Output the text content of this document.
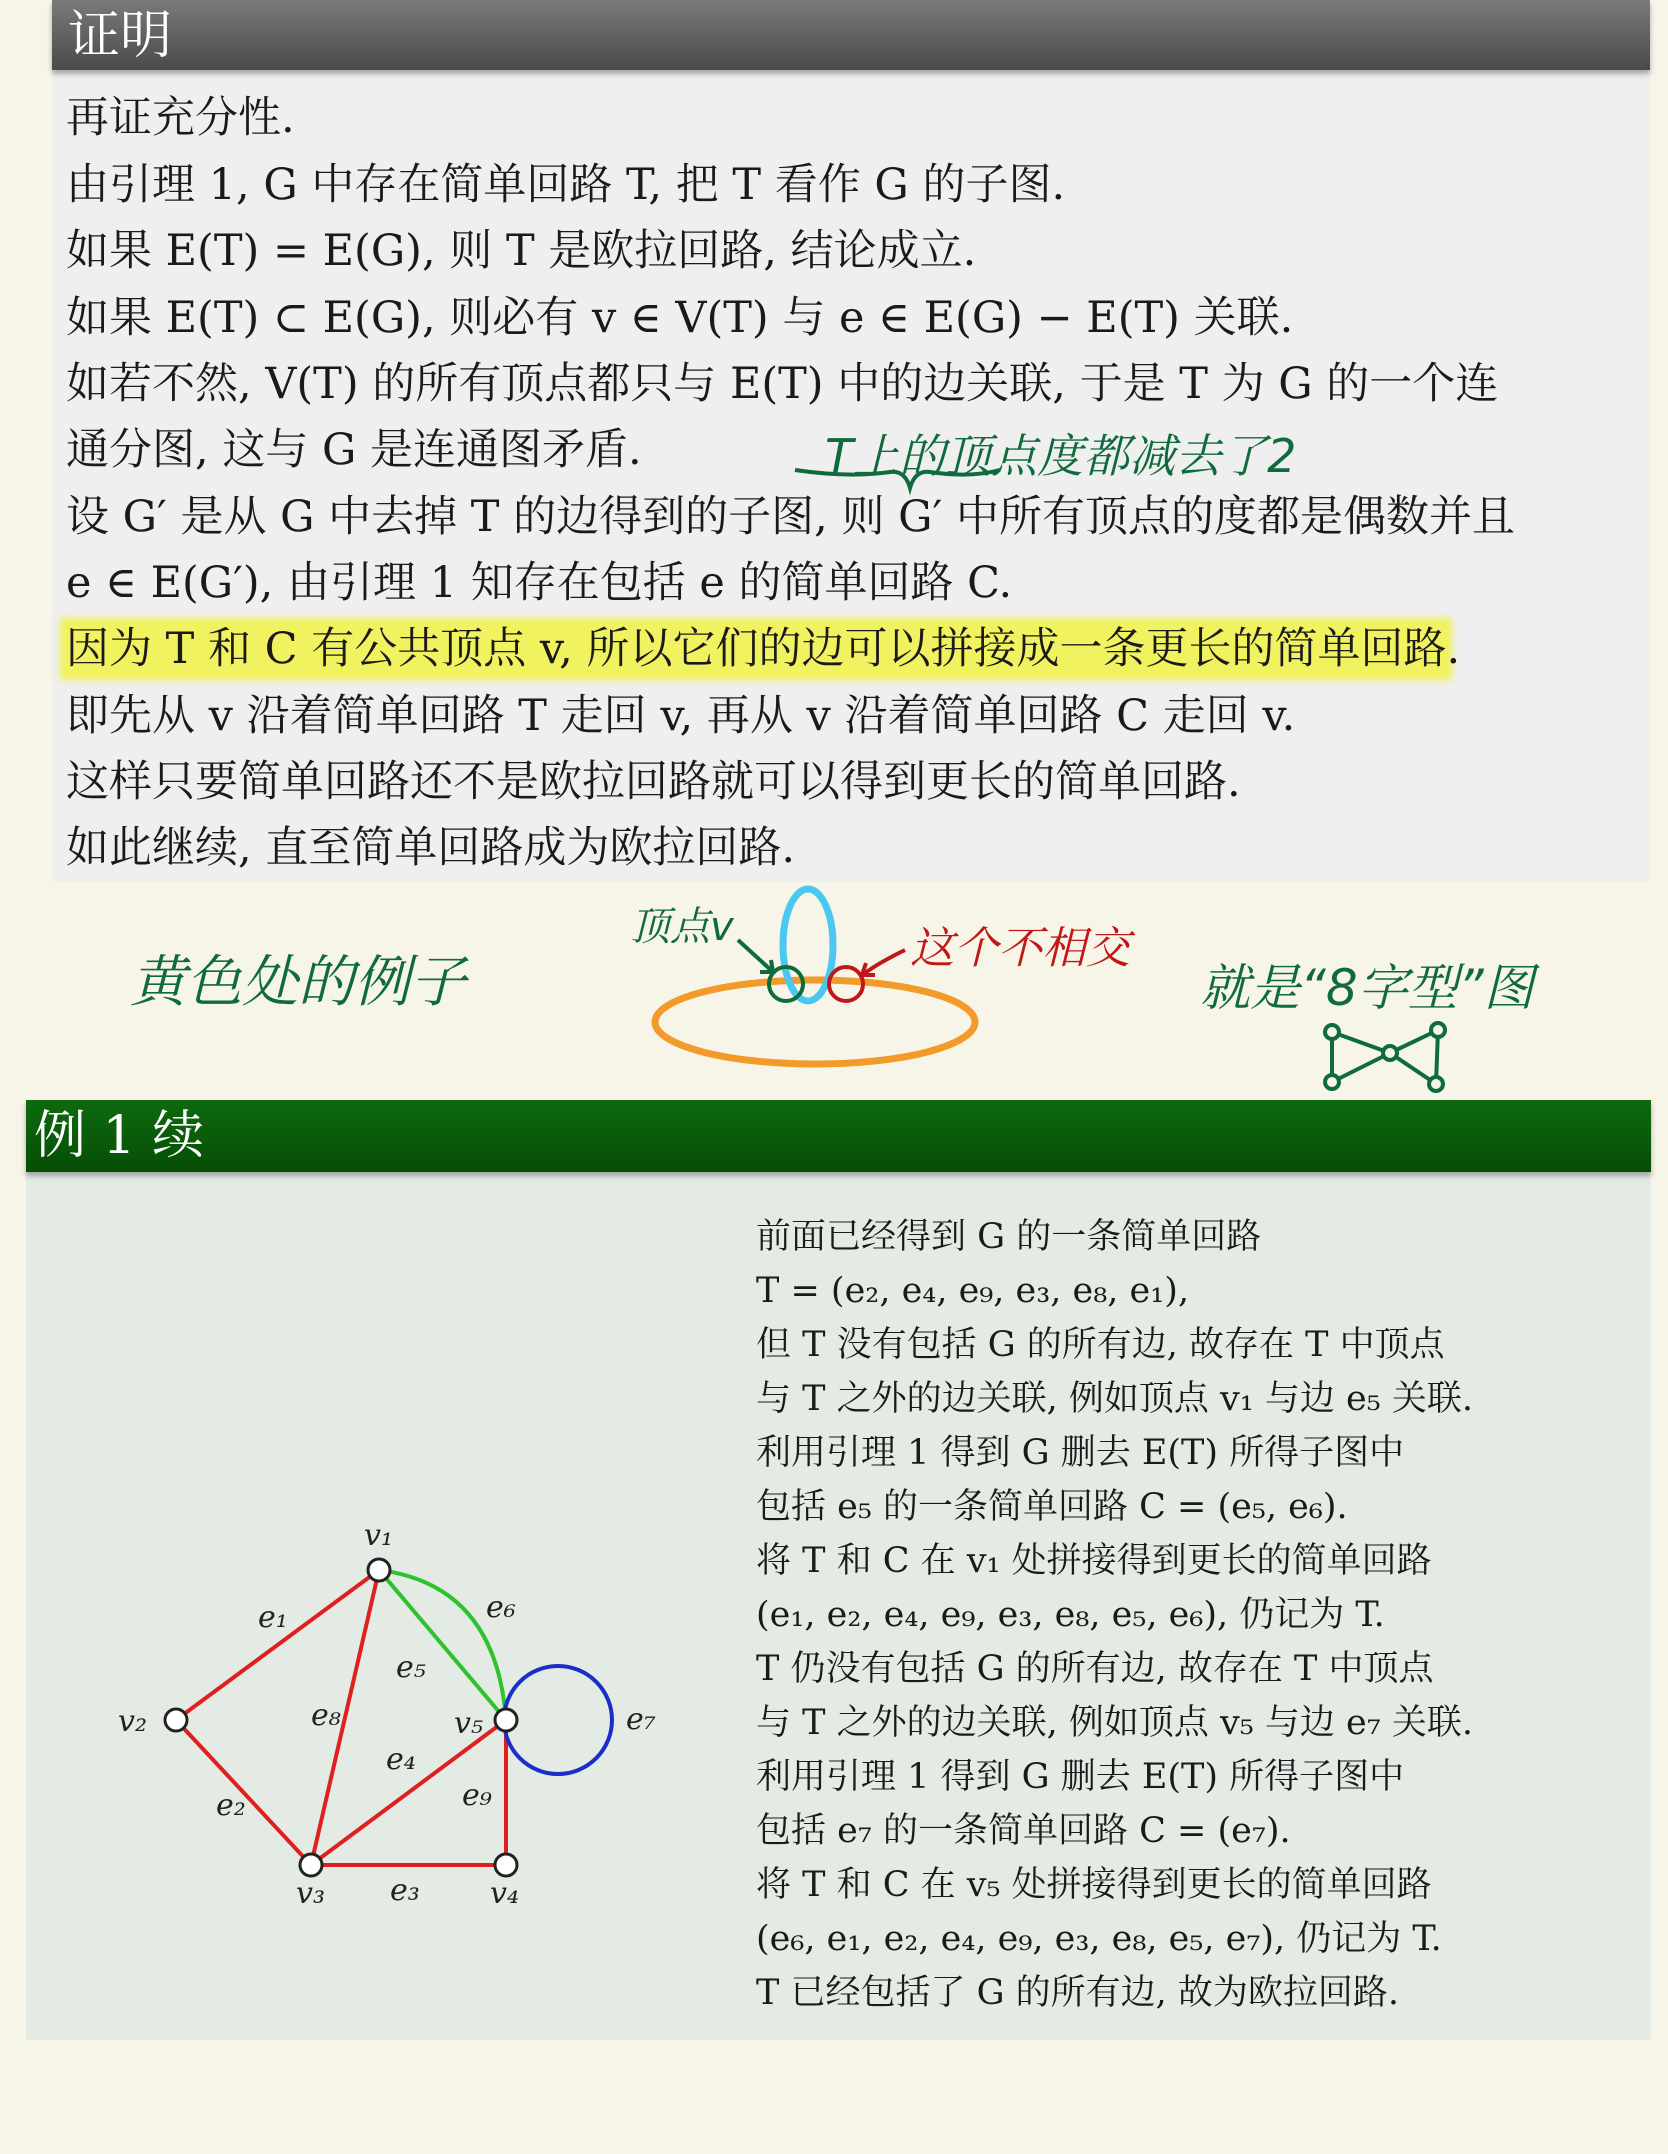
证明
再证充分性.
由引理 1, G 中存在简单回路 T, 把 T 看作 G 的子图.
如果 E(T) = E(G), 则 T 是欧拉回路, 结论成立.
如果 E(T) ⊂ E(G), 则必有 v ∈ V(T) 与 e ∈ E(G) − E(T) 关联.
如若不然, V(T) 的所有顶点都只与 E(T) 中的边关联, 于是 T 为 G 的一个连
通分图, 这与 G 是连通图矛盾.
设 G′ 是从 G 中去掉 T 的边得到的子图, 则 G′ 中所有顶点的度都是偶数并且
e ∈ E(G′), 由引理 1 知存在包括 e 的简单回路 C.
因为 T 和 C 有公共顶点 v, 所以它们的边可以拼接成一条更长的简单回路.
即先从 v 沿着简单回路 T 走回 v, 再从 v 沿着简单回路 C 走回 v.
这样只要简单回路还不是欧拉回路就可以得到更长的简单回路.
如此继续, 直至简单回路成为欧拉回路.
T上的顶点度都减去了2
黄色处的例子
顶点v	这个不相交
就是“8字型”图
例 1 续
v₁
v₂
v₃	v₄
v₅
e₁
e₂
e₃
e₄
e₅
e₆
e₇
e₈
e₉
前面已经得到 G 的一条简单回路
T = (e₂, e₄, e₉, e₃, e₈, e₁),
但 T 没有包括 G 的所有边, 故存在 T 中顶点
与 T 之外的边关联, 例如顶点 v₁ 与边 e₅ 关联.
利用引理 1 得到 G 删去 E(T) 所得子图中
包括 e₅ 的一条简单回路 C = (e₅, e₆).
将 T 和 C 在 v₁ 处拼接得到更长的简单回路
(e₁, e₂, e₄, e₉, e₃, e₈, e₅, e₆), 仍记为 T.
T 仍没有包括 G 的所有边, 故存在 T 中顶点
与 T 之外的边关联, 例如顶点 v₅ 与边 e₇ 关联.
利用引理 1 得到 G 删去 E(T) 所得子图中
包括 e₇ 的一条简单回路 C = (e₇).
将 T 和 C 在 v₅ 处拼接得到更长的简单回路
(e₆, e₁, e₂, e₄, e₉, e₃, e₈, e₅, e₇), 仍记为 T.
T 已经包括了 G 的所有边, 故为欧拉回路.
